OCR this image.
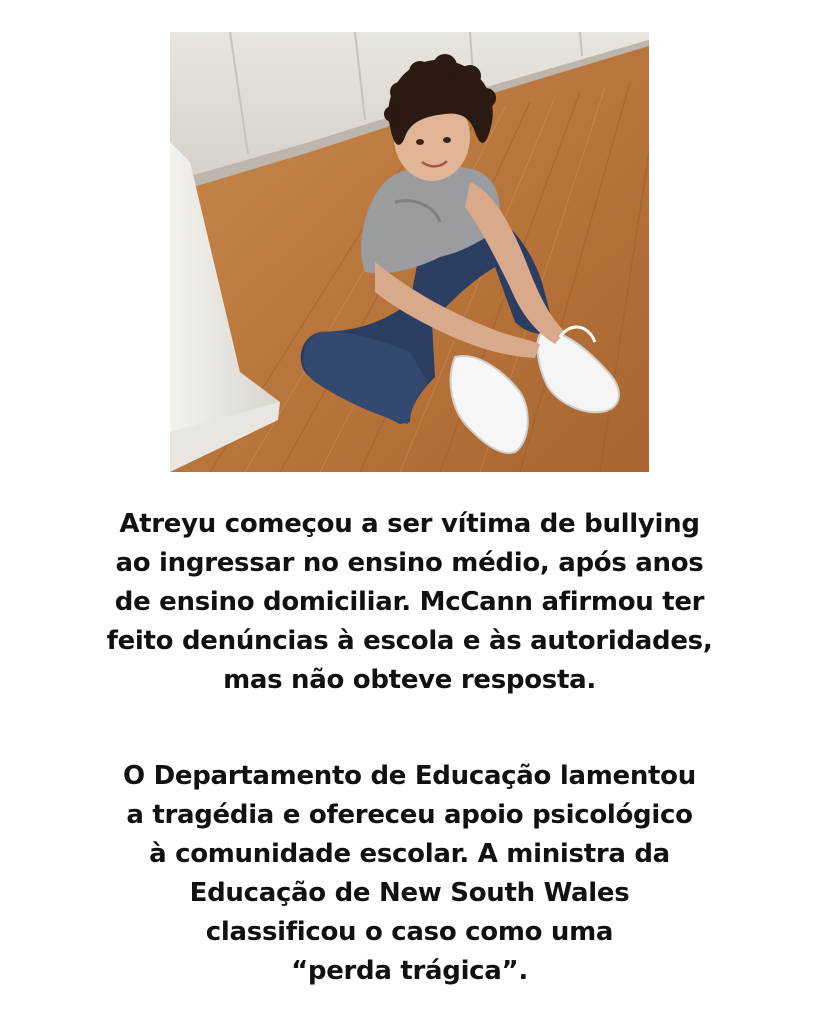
Atreyu começou a ser vítima de bullying
ao ingressar no ensino médio, após anos
de ensino domiciliar. McCann afirmou ter
feito denúncias à escola e às autoridades,
mas não obteve resposta.

O Departamento de Educação lamentou
a tragédia e ofereceu apoio psicológico
à comunidade escolar. A ministra da
Educação de New South Wales
classificou o caso como uma
“perda trágica”.
